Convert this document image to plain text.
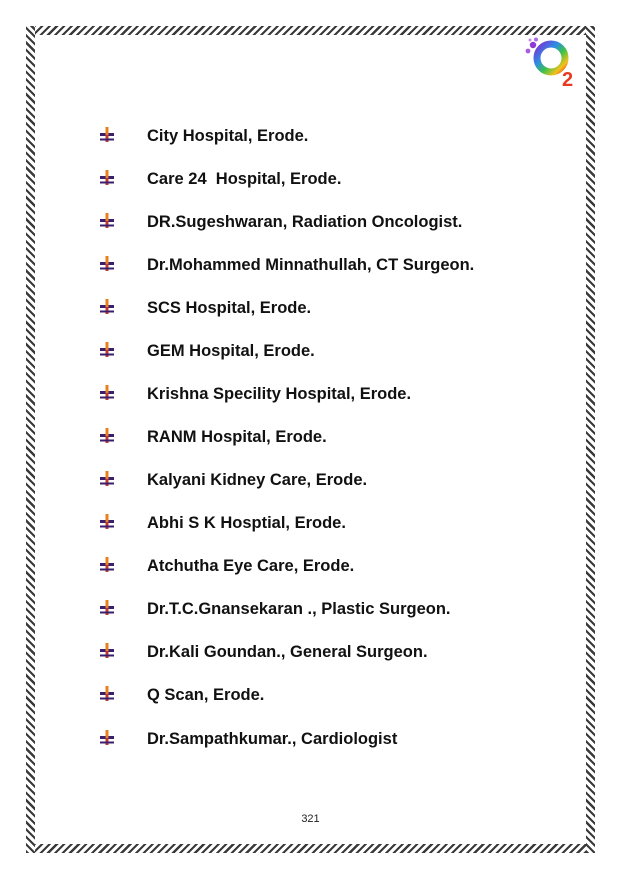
2
City Hospital, Erode.
Care 24  Hospital, Erode.
DR.Sugeshwaran, Radiation Oncologist.
Dr.Mohammed Minnathullah, CT Surgeon.
SCS Hospital, Erode.
GEM Hospital, Erode.
Krishna Specility Hospital, Erode.
RANM Hospital, Erode.
Kalyani Kidney Care, Erode.
Abhi S K Hosptial, Erode.
Atchutha Eye Care, Erode.
Dr.T.C.Gnansekaran ., Plastic Surgeon.
Dr.Kali Goundan., General Surgeon.
Q Scan, Erode.
Dr.Sampathkumar., Cardiologist
321
